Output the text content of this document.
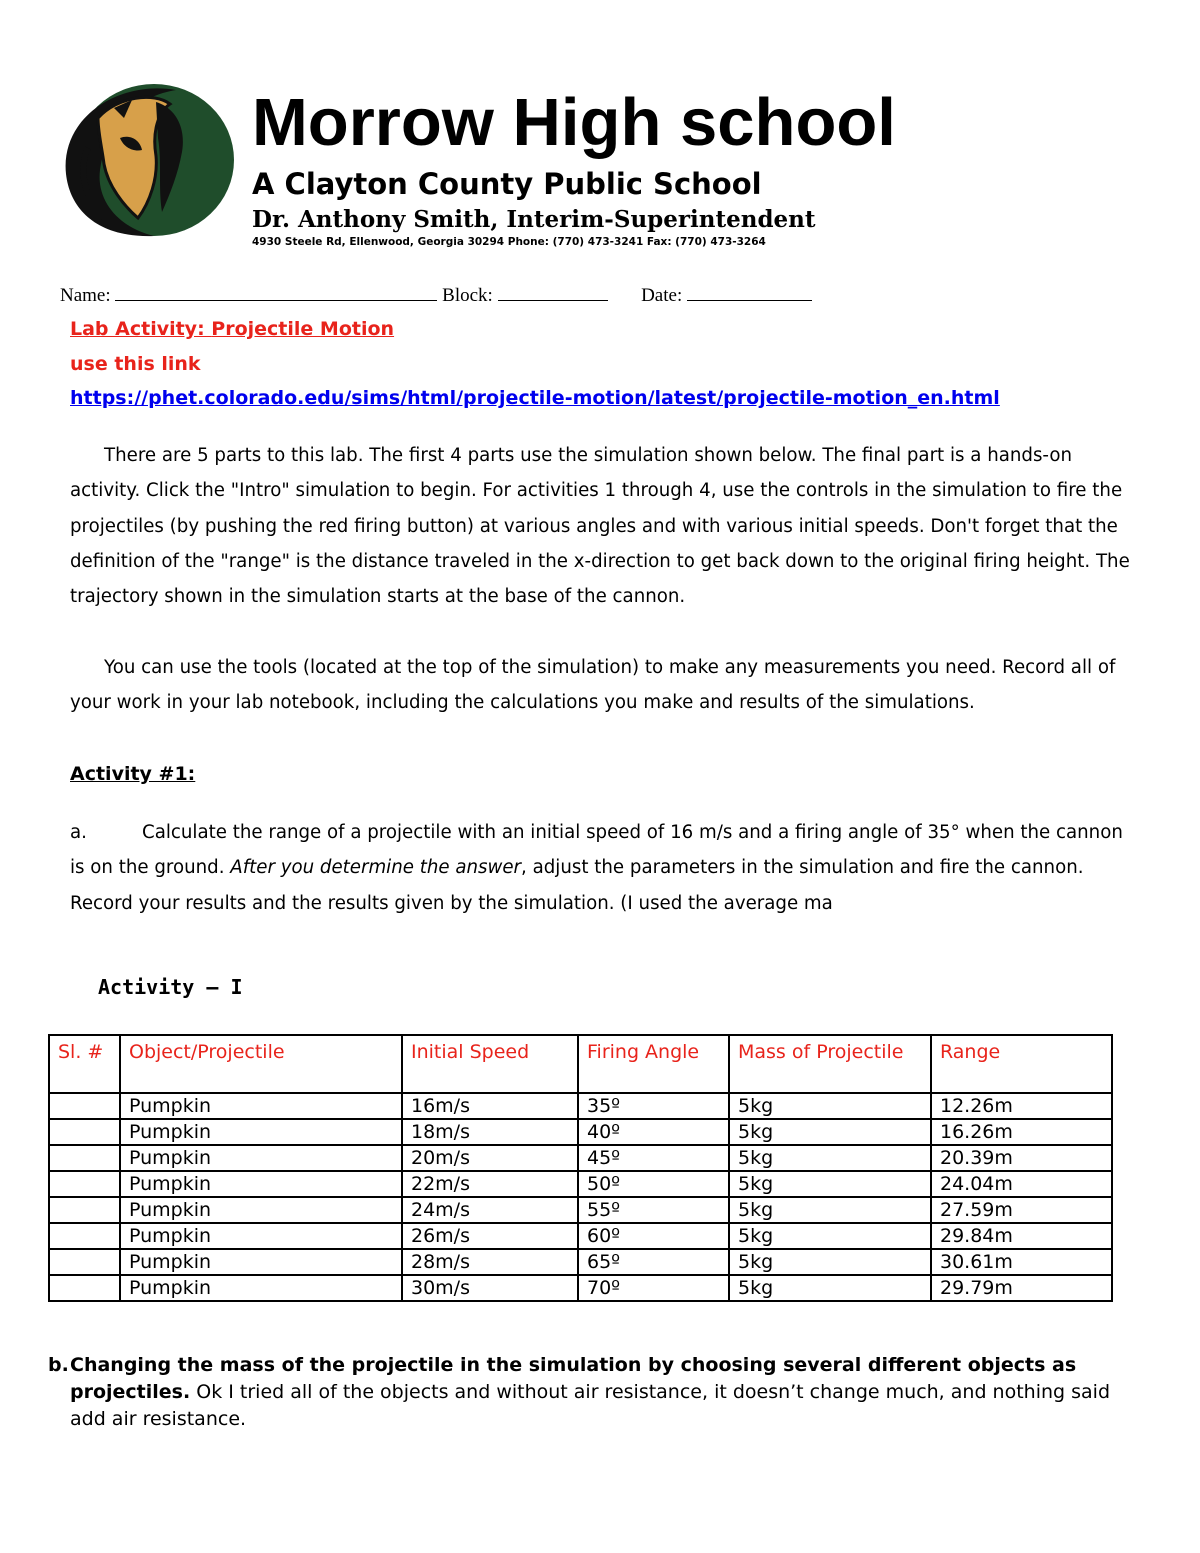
Morrow High school
A Clayton County Public School
Dr. Anthony Smith, Interim-Superintendent
4930 Steele Rd, Ellenwood, Georgia 30294 Phone: (770) 473-3241 Fax: (770) 473-3264
Name:	Block:	Date:
Lab Activity: Projectile Motion
use this link
https://phet.colorado.edu/sims/html/projectile-motion/latest/projectile-motion_en.html
There are 5 parts to this lab. The first 4 parts use the simulation shown below. The final part is a hands-on activity. Click the "Intro" simulation to begin. For activities 1 through 4, use the controls in the simulation to fire the projectiles (by pushing the red firing button) at various angles and with various initial speeds. Don't forget that the definition of the "range" is the distance traveled in the x-direction to get back down to the original firing height. The trajectory shown in the simulation starts at the base of the cannon.
You can use the tools (located at the top of the simulation) to make any measurements you need. Record all of your work in your lab notebook, including the calculations you make and results of the simulations.
Activity #1:
a.	Calculate the range of a projectile with an initial speed of 16 m/s and a firing angle of 35° when the cannon is on the ground. After you determine the answer, adjust the parameters in the simulation and fire the cannon. Record your results and the results given by the simulation. (I used the average ma
Activity – I
Sl. #	Object/Projectile	Initial Speed	Firing Angle	Mass of Projectile	Range
	Pumpkin	16m/s	35º	5kg	12.26m
	Pumpkin	18m/s	40º	5kg	16.26m
	Pumpkin	20m/s	45º	5kg	20.39m
	Pumpkin	22m/s	50º	5kg	24.04m
	Pumpkin	24m/s	55º	5kg	27.59m
	Pumpkin	26m/s	60º	5kg	29.84m
	Pumpkin	28m/s	65º	5kg	30.61m
	Pumpkin	30m/s	70º	5kg	29.79m
b. Changing the mass of the projectile in the simulation by choosing several different objects as projectiles. Ok I tried all of the objects and without air resistance, it doesn’t change much, and nothing said add air resistance.
